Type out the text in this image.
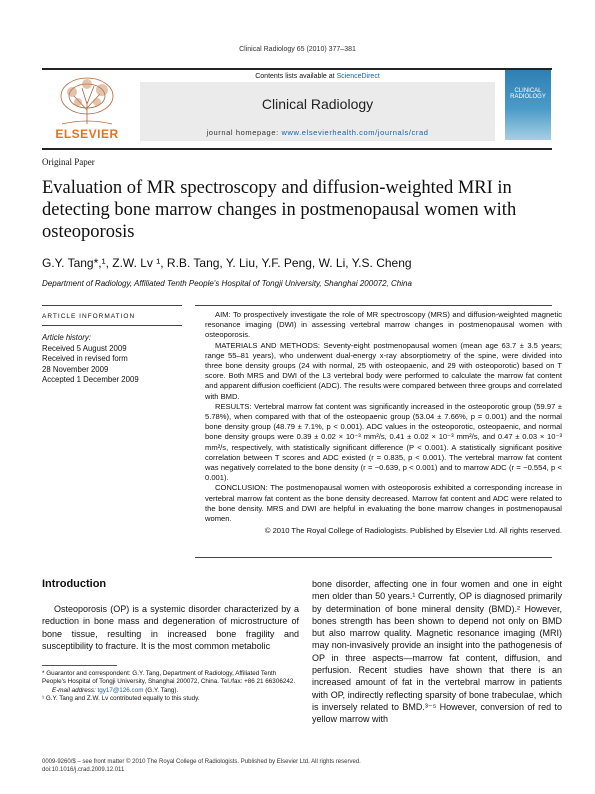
Clinical Radiology 65 (2010) 377–381
ELSEVIER
Contents lists available at ScienceDirect
Clinical Radiology
journal homepage: www.elsevierhealth.com/journals/crad
CLINICAL RADIOLOGY
Original Paper
Evaluation of MR spectroscopy and diffusion-weighted MRI in detecting bone marrow changes in postmenopausal women with osteoporosis
G.Y. Tang*,¹, Z.W. Lv ¹, R.B. Tang, Y. Liu, Y.F. Peng, W. Li, Y.S. Cheng
Department of Radiology, Affiliated Tenth People's Hospital of Tongji University, Shanghai 200072, China
ARTICLE INFORMATION
Article history:
Received 5 August 2009
Received in revised form
28 November 2009
Accepted 1 December 2009

AIM: To prospectively investigate the role of MR spectroscopy (MRS) and diffusion-weighted magnetic resonance imaging (DWI) in assessing vertebral marrow changes in postmenopausal women with osteoporosis.

MATERIALS AND METHODS: Seventy-eight postmenopausal women (mean age 63.7 ± 3.5 years; range 55–81 years), who underwent dual-energy x-ray absorptiometry of the spine, were divided into three bone density groups (24 with normal, 25 with osteopaenic, and 29 with osteoporotic) based on T score. Both MRS and DWI of the L3 vertebral body were performed to calculate the marrow fat content and apparent diffusion coefficient (ADC). The results were compared between three groups and correlated with BMD.

RESULTS: Vertebral marrow fat content was significantly increased in the osteoporotic group (59.97 ± 5.78%), when compared with that of the osteopaenic group (53.04 ± 7.66%, p = 0.001) and the normal bone density group (48.79 ± 7.1%, p < 0.001). ADC values in the osteoporotic, osteopaenic, and normal bone density groups were 0.39 ± 0.02 × 10⁻³ mm²/s, 0.41 ± 0.02 × 10⁻³ mm²/s, and 0.47 ± 0.03 × 10⁻³ mm²/s, respectively, with statistically significant difference (P < 0.001). A statistically significant positive correlation between T scores and ADC existed (r = 0.835, p < 0.001). The vertebral marrow fat content was negatively correlated to the bone density (r = −0.639, p < 0.001) and to marrow ADC (r = −0.554, p < 0.001).

CONCLUSION: The postmenopausal women with osteoporosis exhibited a corresponding increase in vertebral marrow fat content as the bone density decreased. Marrow fat content and ADC were related to the bone density. MRS and DWI are helpful in evaluating the bone marrow changes in postmenopausal women.

© 2010 The Royal College of Radiologists. Published by Elsevier Ltd. All rights reserved.

Introduction

Osteoporosis (OP) is a systemic disorder characterized by a reduction in bone mass and degeneration of microstructure of bone tissue, resulting in increased bone fragility and susceptibility to fracture. It is the most common metabolic

bone disorder, affecting one in four women and one in eight men older than 50 years.¹ Currently, OP is diagnosed primarily by determination of bone mineral density (BMD).² However, bones strength has been shown to depend not only on BMD but also marrow quality. Magnetic resonance imaging (MRI) may non-invasively provide an insight into the pathogenesis of OP in three aspects—marrow fat content, diffusion, and perfusion. Recent studies have shown that there is an increased amount of fat in the vertebral marrow in patients with OP, indirectly reflecting sparsity of bone trabeculae, which is inversely related to BMD.³⁻⁵ However, conversion of red to yellow marrow with

* Guarantor and correspondent: G.Y. Tang, Department of Radiology, Affiliated Tenth People's Hospital of Tongji University, Shanghai 200072, China. Tel./fax: +86 21 66306242.
E-mail address: tgy17@126.com (G.Y. Tang).
¹ G.Y. Tang and Z.W. Lv contributed equally to this study.
0009-9260/$ – see front matter © 2010 The Royal College of Radiologists. Published by Elsevier Ltd. All rights reserved.
doi:10.1016/j.crad.2009.12.011
